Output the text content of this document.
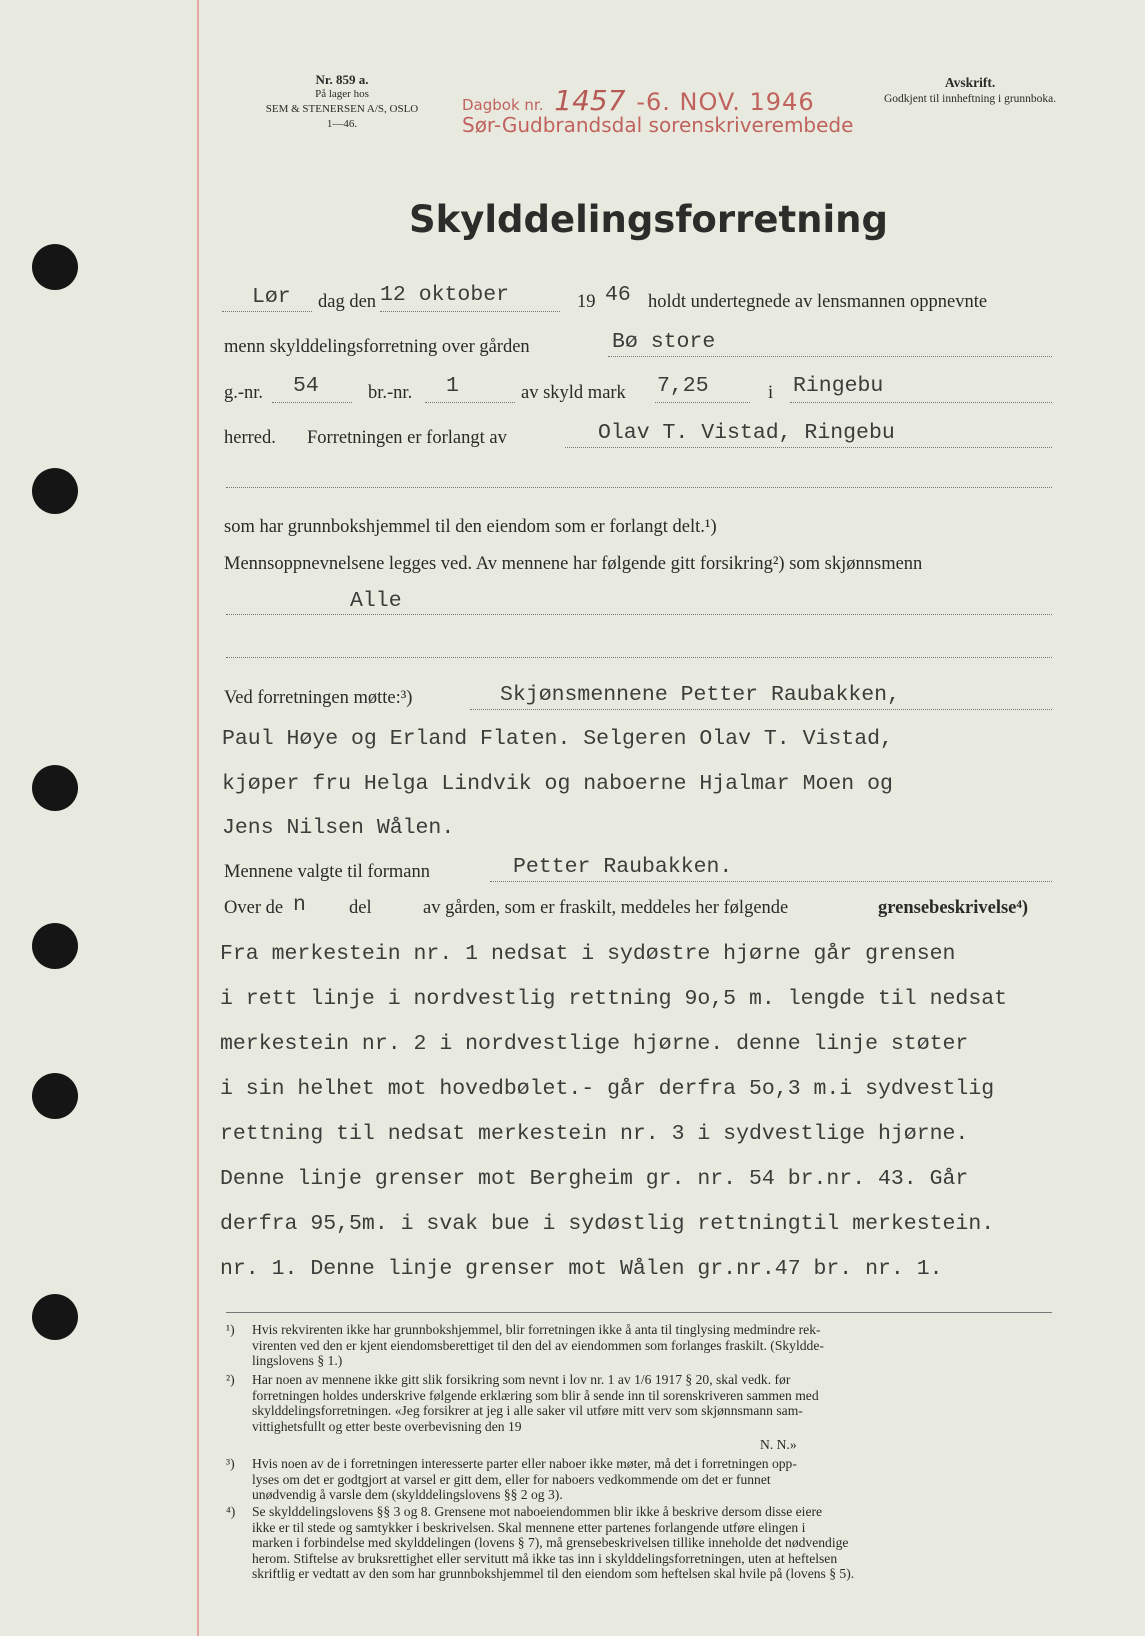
Nr. 859 a.
På lager hos
SEM & STENERSEN A/S, OSLO
1—46.
Dagbok nr. 1457 -6. NOV. 1946
Sør-Gudbrandsdal sorenskriverembede
Avskrift.
Godkjent til innheftning i grunnboka.
Skylddelingsforretning
Lør dag den 12 oktober	19 46 holdt undertegnede av lensmannen oppnevnte
menn skylddelingsforretning over gården	Bø store
g.-nr. 54	br.-nr. 1	av skyld mark 7,25	i Ringebu
herred. Forretningen er forlangt av	Olav T. Vistad, Ringebu
som har grunnbokshjemmel til den eiendom som er forlangt delt.¹)
Mennsoppnevnelsene legges ved. Av mennene har følgende gitt forsikring²) som skjønnsmenn
Alle
Ved forretningen møtte:³)	Skjønsmennene Petter Raubakken,
Paul Høye og Erland Flaten. Selgeren Olav T. Vistad,
kjøper fru Helga Lindvik og naboerne Hjalmar Moen og
Jens Nilsen Wålen.
Mennene valgte til formann	Petter Raubakken.
Over de n del	av gården, som er fraskilt, meddeles her følgende	grensebeskrivelse⁴)
Fra merkestein nr. 1 nedsat i sydøstre hjørne går grensen
i rett linje i nordvestlig rettning 9o,5 m. lengde til nedsat
merkestein nr. 2 i nordvestlige hjørne. denne linje støter
i sin helhet mot hovedbølet.- går derfra 5o,3 m.i sydvestlig
rettning til nedsat merkestein nr. 3 i sydvestlige hjørne.
Denne linje grenser mot Bergheim gr. nr. 54 br.nr. 43. Går
derfra 95,5m. i svak bue i sydøstlig rettningtil merkestein.
nr. 1. Denne linje grenser mot Wålen gr.nr.47 br. nr. 1.
¹) Hvis rekvirenten ikke har grunnbokshjemmel, blir forretningen ikke å anta til tinglysing medmindre rek-
virenten ved den er kjent eiendomsberettiget til den del av eiendommen som forlanges fraskilt. (Skyldde-
lingslovens § 1.)
²) Har noen av mennene ikke gitt slik forsikring som nevnt i lov nr. 1 av 1/6 1917 § 20, skal vedk. før
forretningen holdes underskrive følgende erklæring som blir å sende inn til sorenskriveren sammen med
skylddelingsforretningen. «Jeg forsikrer at jeg i alle saker vil utføre mitt verv som skjønnsmann sam-
vittighetsfullt og etter beste overbevisning den 19
N. N.»
³) Hvis noen av de i forretningen interesserte parter eller naboer ikke møter, må det i forretningen opp-
lyses om det er godtgjort at varsel er gitt dem, eller for naboers vedkommende om det er funnet
unødvendig å varsle dem (skylddelingslovens §§ 2 og 3).
⁴) Se skylddelingslovens §§ 3 og 8. Grensene mot naboeiendommen blir ikke å beskrive dersom disse eiere
ikke er til stede og samtykker i beskrivelsen. Skal mennene etter partenes forlangende utføre elingen i
marken i forbindelse med skylddelingen (lovens § 7), må grensebeskrivelsen tillike inneholde det nødvendige
herom. Stiftelse av bruksrettighet eller servitutt må ikke tas inn i skylddelingsforretningen, uten at heftelsen
skriftlig er vedtatt av den som har grunnbokshjemmel til den eiendom som heftelsen skal hvile på (lovens § 5).
